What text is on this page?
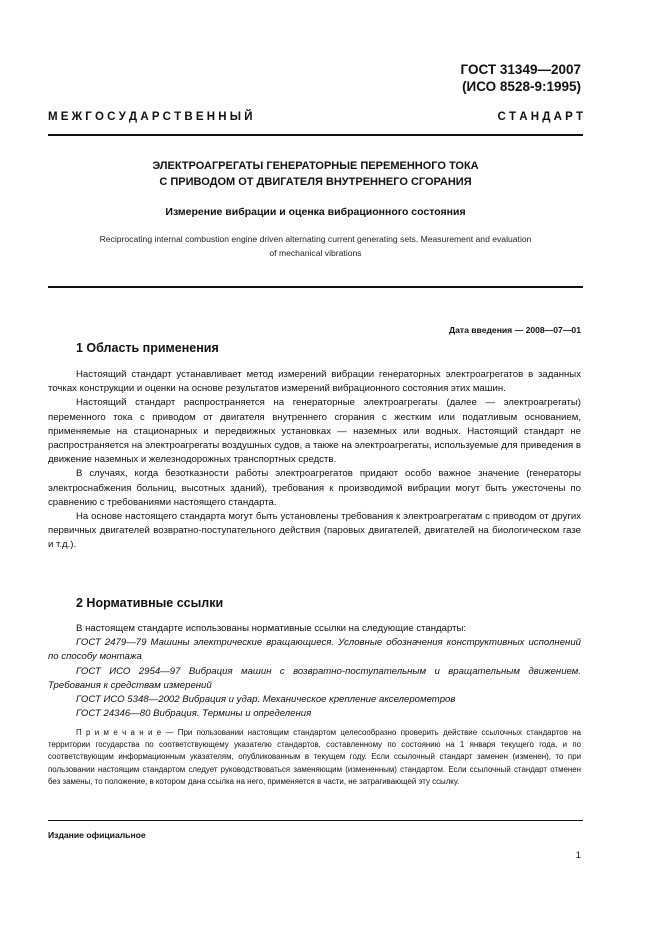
ГОСТ 31349—2007
(ИСО 8528-9:1995)
М Е Ж Г О С У Д А Р С Т В Е Н Н Ы Й	С Т А Н Д А Р Т
ЭЛЕКТРОАГРЕГАТЫ ГЕНЕРАТОРНЫЕ ПЕРЕМЕННОГО ТОКА
С ПРИВОДОМ ОТ ДВИГАТЕЛЯ ВНУТРЕННЕГО СГОРАНИЯ
Измерение вибрации и оценка вибрационного состояния
Reciprocating internal combustion engine driven alternating current generating sets. Measurement and evaluation
of mechanical vibrations
Дата введения — 2008—07—01
1 Область применения

Настоящий стандарт устанавливает метод измерений вибрации генераторных электроагрегатов в заданных точках конструкции и оценки на основе результатов измерений вибрационного состояния этих машин.

Настоящий стандарт распространяется на генераторные электроагрегаты (далее — электроагрегаты) переменного тока с приводом от двигателя внутреннего сгорания с жестким или податливым основанием, применяемые на стационарных и передвижных установках — наземных или водных. Настоящий стандарт не распространяется на электроагрегаты воздушных судов, а также на электроагрегаты, используемые для приведения в движение наземных и железнодорожных транспортных средств.

В случаях, когда безотказности работы электроагрегатов придают особо важное значение (генераторы электроснабжения больниц, высотных зданий), требования к производимой вибрации могут быть ужесточены по сравнению с требованиями настоящего стандарта.

На основе настоящего стандарта могут быть установлены требования к электроагрегатам с приводом от других первичных двигателей возвратно-поступательного действия (паровых двигателей, двигателей на биологическом газе и т.д.).

2 Нормативные ссылки

В настоящем стандарте использованы нормативные ссылки на следующие стандарты:

ГОСТ 2479—79 Машины электрические вращающиеся. Условные обозначения конструктивных исполнений по способу монтажа

ГОСТ ИСО 2954—97 Вибрация машин с возвратно-поступательным и вращательным движением. Требования к средствам измерений

ГОСТ ИСО 5348—2002 Вибрация и удар. Механическое крепление акселерометров

ГОСТ 24346—80 Вибрация. Термины и определения

П р и м е ч а н и е — При пользовании настоящим стандартом целесообразно проверить действие ссылочных стандартов на территории государства по соответствующему указателю стандартов, составленному по состоянию на 1 января текущего года, и по соответствующим информационным указателям, опубликованным в текущем году. Если ссылочный стандарт заменен (изменен), то при пользовании настоящим стандартом следует руководствоваться заменяющим (измененным) стандартом. Если ссылочный стандарт отменен без замены, то положение, в котором дана ссылка на него, применяется в части, не затрагивающей эту ссылку.

Издание официальное
1
